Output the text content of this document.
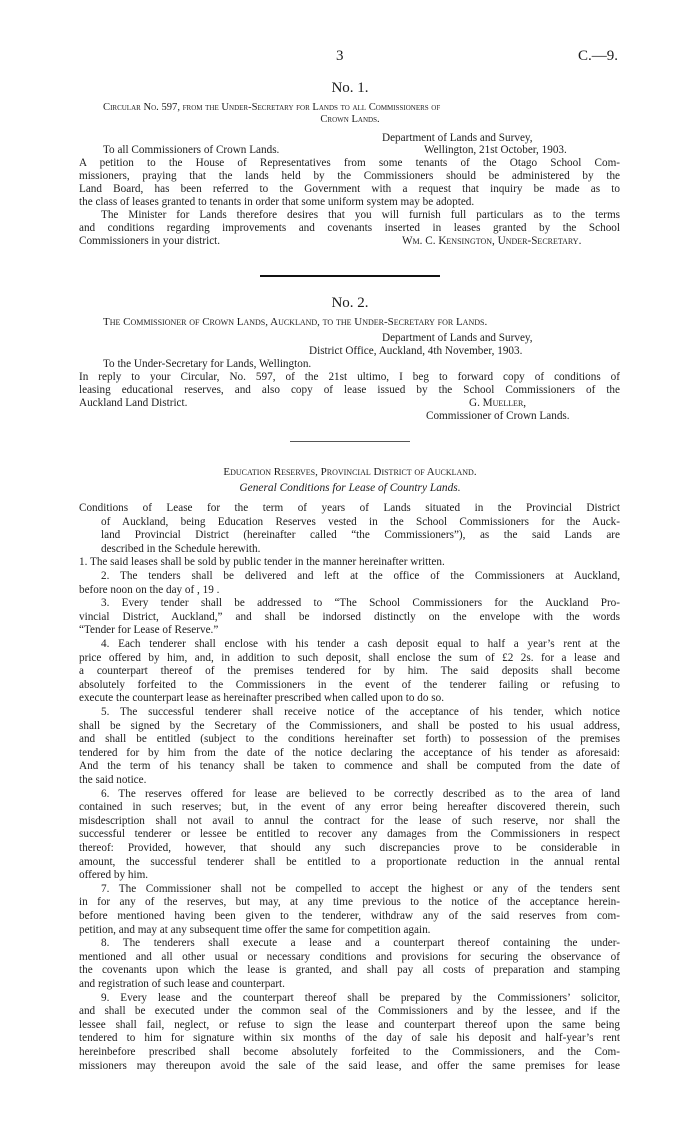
3	C.—9.
No. 1.
Circular No. 597, from the Under-Secretary for Lands to all Commissioners of
Crown Lands.
Department of Lands and Survey,
To all Commissioners of Crown Lands.	Wellington, 21st October, 1903.
A petition to the House of Representatives from some tenants of the Otago School Com-
missioners, praying that the lands held by the Commissioners should be administered by the
Land Board, has been referred to the Government with a request that inquiry be made as to
the class of leases granted to tenants in order that some uniform system may be adopted.
The Minister for Lands therefore desires that you will furnish full particulars as to the terms
and conditions regarding improvements and covenants inserted in leases granted by the School
Commissioners in your district.	Wm. C. Kensington, Under-Secretary.
No. 2.
The Commissioner of Crown Lands, Auckland, to the Under-Secretary for Lands.
Department of Lands and Survey,
District Office, Auckland, 4th November, 1903.
To the Under-Secretary for Lands, Wellington.
In reply to your Circular, No. 597, of the 21st ultimo, I beg to forward copy of conditions of
leasing educational reserves, and also copy of lease issued by the School Commissioners of the
Auckland Land District.	G. Mueller,
Commissioner of Crown Lands.
Education Reserves, Provincial District of Auckland.
General Conditions for Lease of Country Lands.
Conditions of Lease for the term of years of Lands situated in the Provincial District
of Auckland, being Education Reserves vested in the School Commissioners for the Auck-
land Provincial District (hereinafter called “the Commissioners”), as the said Lands are
described in the Schedule herewith.
1. The said leases shall be sold by public tender in the manner hereinafter written.
2. The tenders shall be delivered and left at the office of the Commissioners at Auckland,
before noon on the day of , 19 .
3. Every tender shall be addressed to “The School Commissioners for the Auckland Pro-
vincial District, Auckland,” and shall be indorsed distinctly on the envelope with the words
“Tender for Lease of Reserve.”
4. Each tenderer shall enclose with his tender a cash deposit equal to half a year’s rent at the
price offered by him, and, in addition to such deposit, shall enclose the sum of £2 2s. for a lease and
a counterpart thereof of the premises tendered for by him. The said deposits shall become
absolutely forfeited to the Commissioners in the event of the tenderer failing or refusing to
execute the counterpart lease as hereinafter prescribed when called upon to do so.
5. The successful tenderer shall receive notice of the acceptance of his tender, which notice
shall be signed by the Secretary of the Commissioners, and shall be posted to his usual address,
and shall be entitled (subject to the conditions hereinafter set forth) to possession of the premises
tendered for by him from the date of the notice declaring the acceptance of his tender as aforesaid:
And the term of his tenancy shall be taken to commence and shall be computed from the date of
the said notice.
6. The reserves offered for lease are believed to be correctly described as to the area of land
contained in such reserves; but, in the event of any error being hereafter discovered therein, such
misdescription shall not avail to annul the contract for the lease of such reserve, nor shall the
successful tenderer or lessee be entitled to recover any damages from the Commissioners in respect
thereof: Provided, however, that should any such discrepancies prove to be considerable in
amount, the successful tenderer shall be entitled to a proportionate reduction in the annual rental
offered by him.
7. The Commissioner shall not be compelled to accept the highest or any of the tenders sent
in for any of the reserves, but may, at any time previous to the notice of the acceptance herein-
before mentioned having been given to the tenderer, withdraw any of the said reserves from com-
petition, and may at any subsequent time offer the same for competition again.
8. The tenderers shall execute a lease and a counterpart thereof containing the under-
mentioned and all other usual or necessary conditions and provisions for securing the observance of
the covenants upon which the lease is granted, and shall pay all costs of preparation and stamping
and registration of such lease and counterpart.
9. Every lease and the counterpart thereof shall be prepared by the Commissioners’ solicitor,
and shall be executed under the common seal of the Commissioners and by the lessee, and if the
lessee shall fail, neglect, or refuse to sign the lease and counterpart thereof upon the same being
tendered to him for signature within six months of the day of sale his deposit and half-year’s rent
hereinbefore prescribed shall become absolutely forfeited to the Commissioners, and the Com-
missioners may thereupon avoid the sale of the said lease, and offer the same premises for lease
